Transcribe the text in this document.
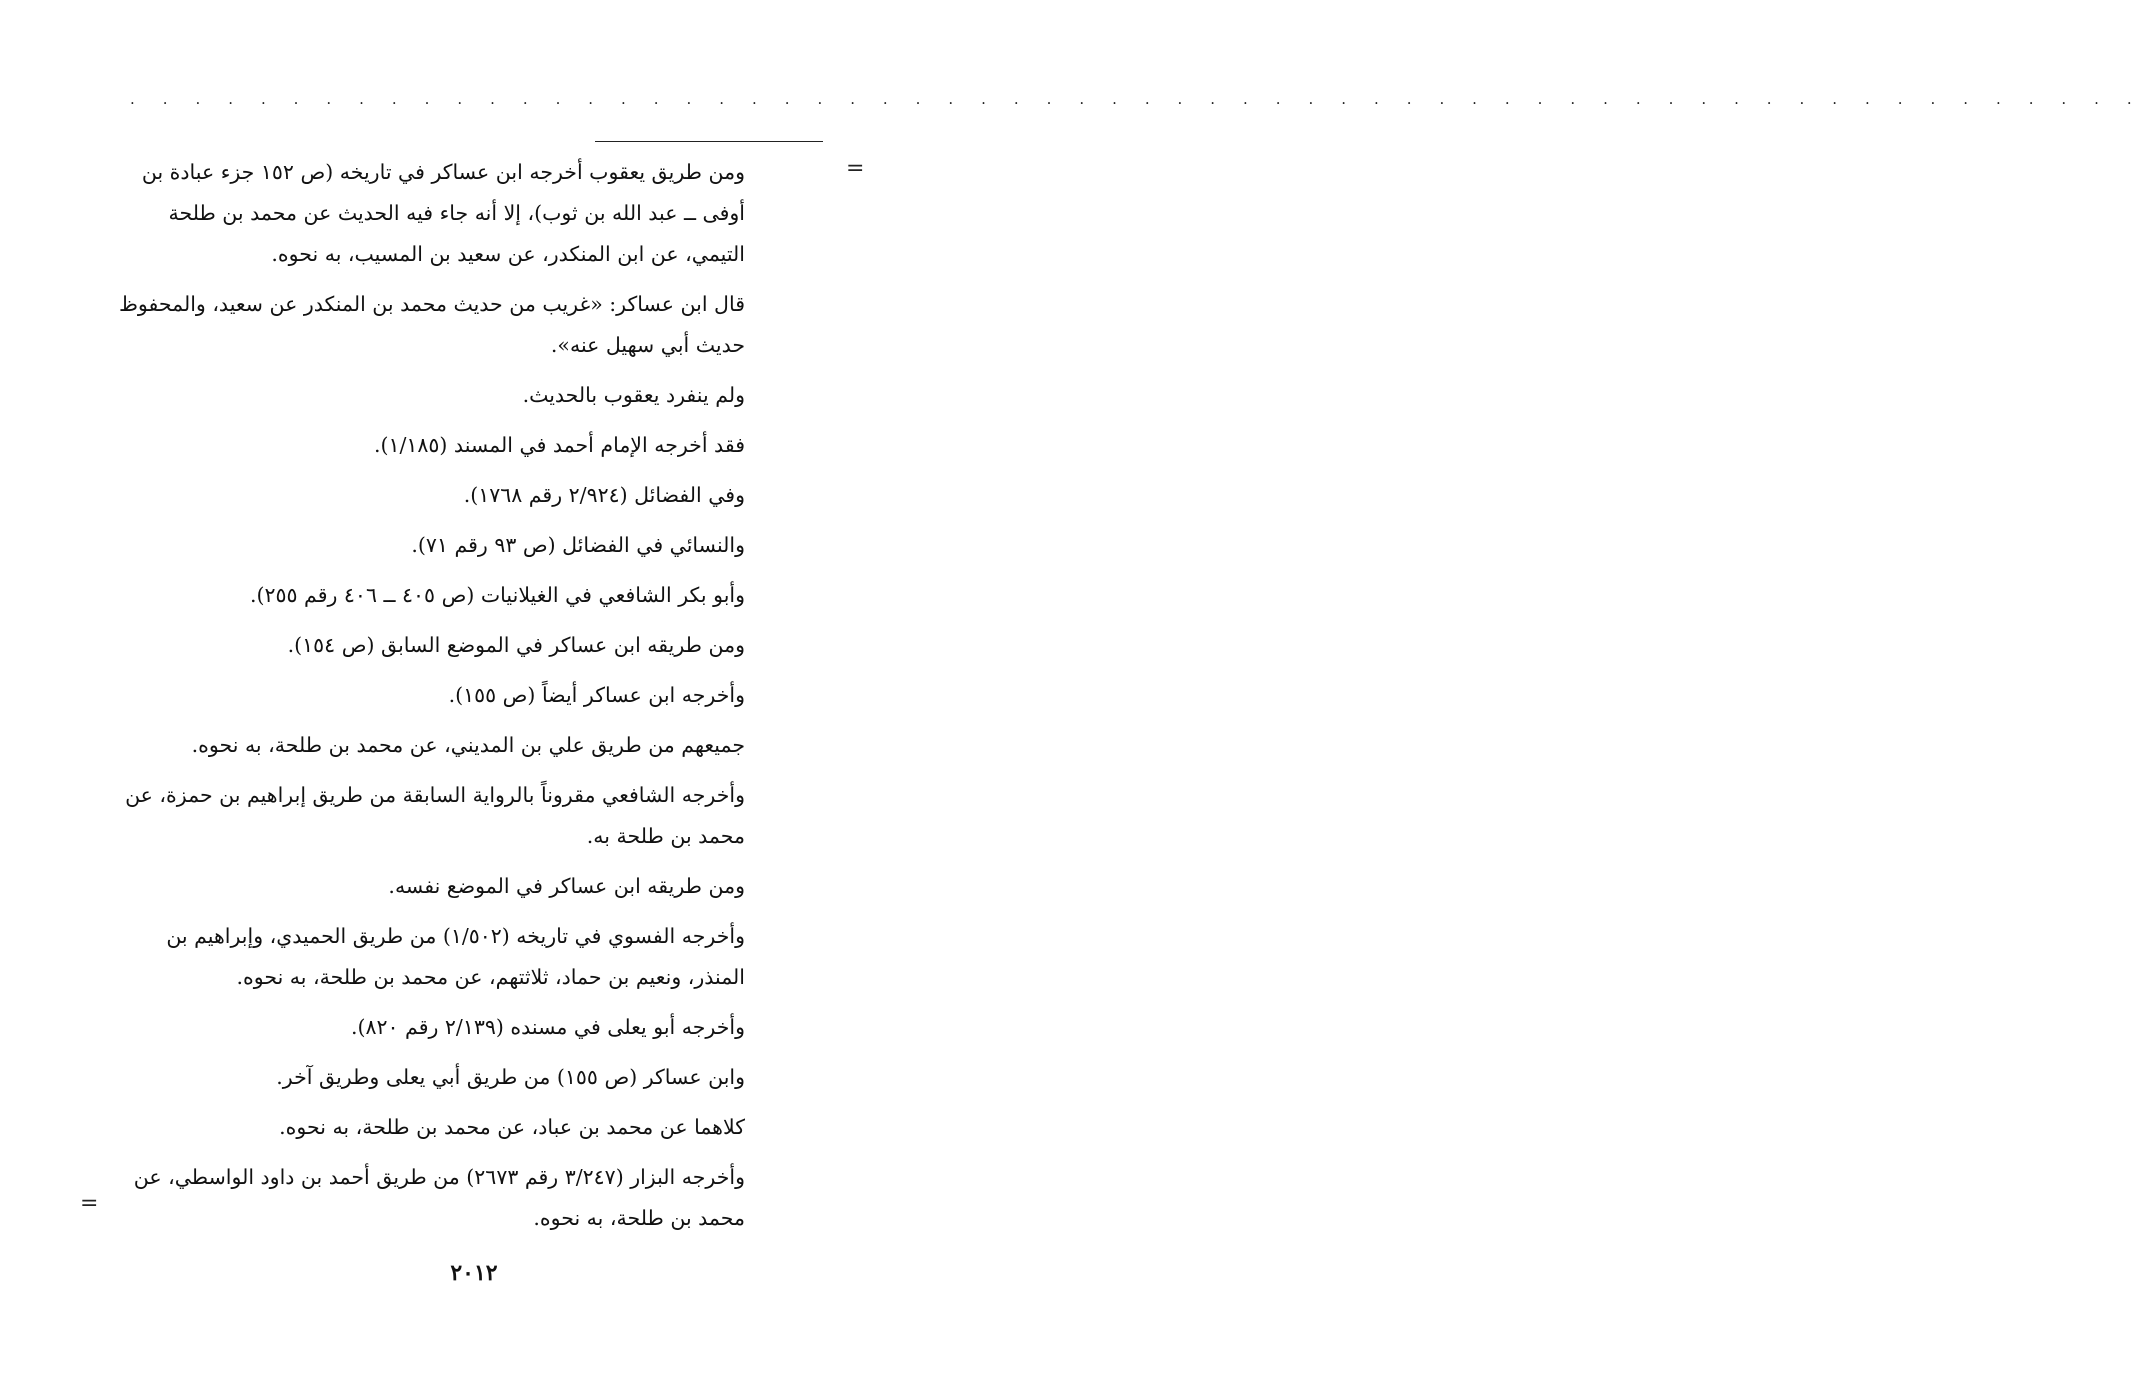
. . . . . . . . . . . . . . . . . . . . . . . . . . . . . . . . . . . . . . . . . . . . . . . . . . . . . . . . . . . . . .
=

ومن طريق يعقوب أخرجه ابن عساكر في تاريخه (ص ١٥٢ جزء عبادة بن أوفى ــ عبد الله بن ثوب)، إلا أنه جاء فيه الحديث عن محمد بن طلحة التيمي، عن ابن المنكدر، عن سعيد بن المسيب، به نحوه.

قال ابن عساكر: «غريب من حديث محمد بن المنكدر عن سعيد، والمحفوظ حديث أبي سهيل عنه».

ولم ينفرد يعقوب بالحديث.

فقد أخرجه الإمام أحمد في المسند (١/١٨٥).

وفي الفضائل (٢/٩٢٤ رقم ١٧٦٨).

والنسائي في الفضائل (ص ٩٣ رقم ٧١).

وأبو بكر الشافعي في الغيلانيات (ص ٤٠٥ ــ ٤٠٦ رقم ٢٥٥).

ومن طريقه ابن عساكر في الموضع السابق (ص ١٥٤).

وأخرجه ابن عساكر أيضاً (ص ١٥٥).

جميعهم من طريق علي بن المديني، عن محمد بن طلحة، به نحوه.

وأخرجه الشافعي مقروناً بالرواية السابقة من طريق إبراهيم بن حمزة، عن محمد بن طلحة به.

ومن طريقه ابن عساكر في الموضع نفسه.

وأخرجه الفسوي في تاريخه (١/٥٠٢) من طريق الحميدي، وإبراهيم بن المنذر، ونعيم بن حماد، ثلاثتهم، عن محمد بن طلحة، به نحوه.

وأخرجه أبو يعلى في مسنده (٢/١٣٩ رقم ٨٢٠).

وابن عساكر (ص ١٥٥) من طريق أبي يعلى وطريق آخر.

كلاهما عن محمد بن عباد، عن محمد بن طلحة، به نحوه.

وأخرجه البزار (٣/٢٤٧ رقم ٢٦٧٣) من طريق أحمد بن داود الواسطي، عن محمد بن طلحة، به نحوه.

=
٢٠١٢
